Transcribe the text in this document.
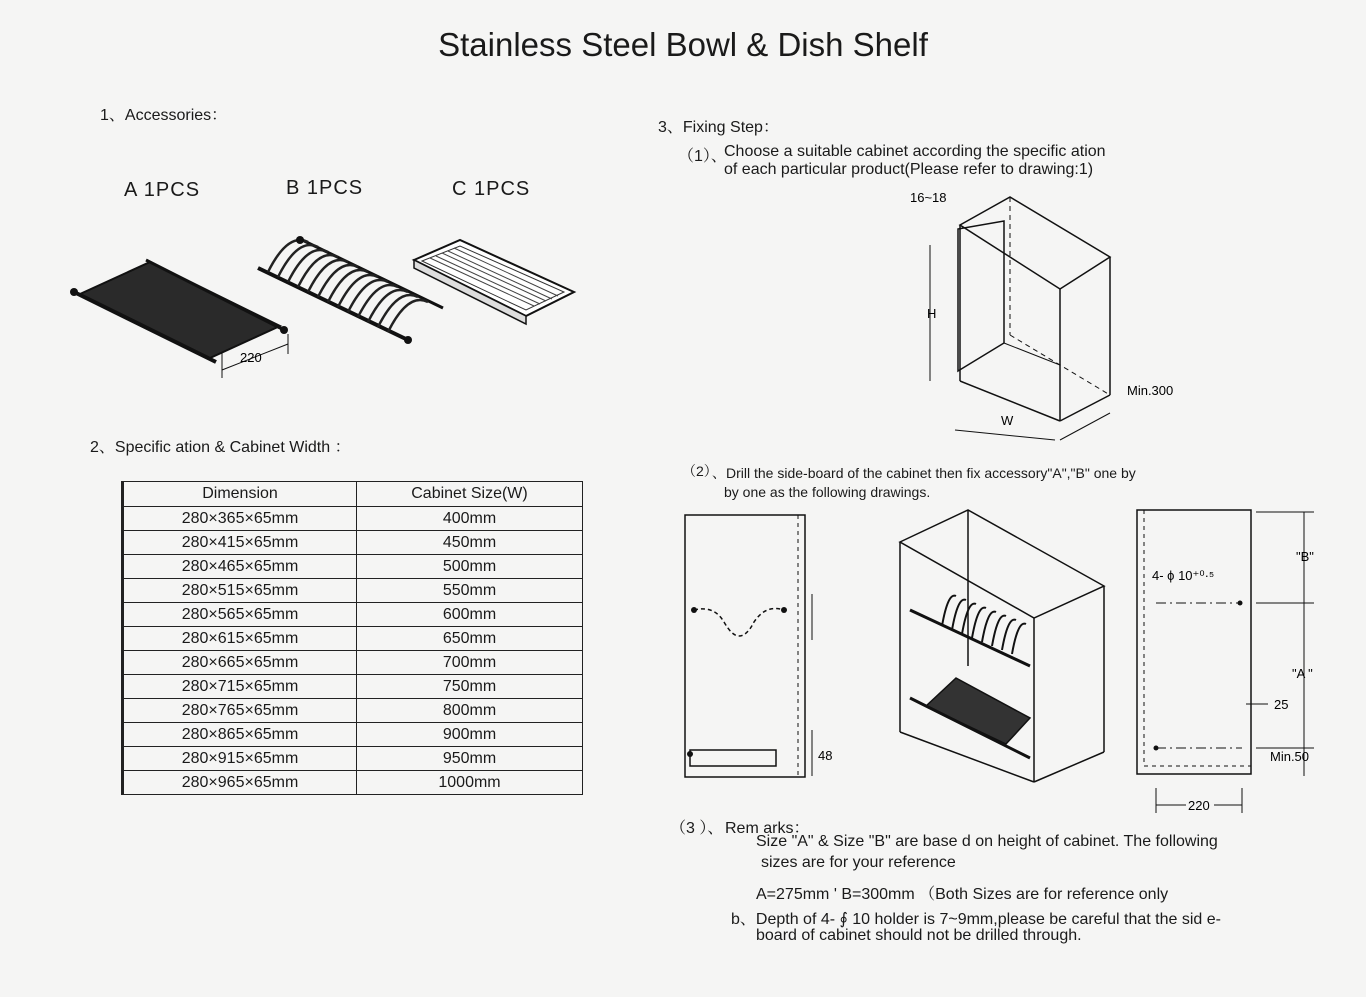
Stainless Steel Bowl & Dish Shelf
1、Accessories：
A 1PCS	B 1PCS	C 1PCS
220
2、Specific ation & Cabinet Width ：
Dimension	Cabinet Size(W)
280×365×65mm	400mm
280×415×65mm	450mm
280×465×65mm	500mm
280×515×65mm	550mm
280×565×65mm	600mm
280×615×65mm	650mm
280×665×65mm	700mm
280×715×65mm	750mm
280×765×65mm	800mm
280×865×65mm	900mm
280×915×65mm	950mm
280×965×65mm	1000mm
3、Fixing Step：
（1）、
Choose a suitable cabinet according the specific ation
of each particular product(Please refer to drawing:1)
16~18
H
W
Min.300
（2）
、Drill the side-board of the cabinet then fix accessory"A","B" one by
by one as the following drawings.
48
4- ϕ 10⁺⁰·⁵
"B"
"A "
25
Min.50
220
（3 ）、 Rem arks：
Size "A" & Size "B" are base d on height of cabinet. The following
sizes are for your reference
A=275mm ' B=300mm （Both Sizes are for reference only
b、Depth of 4- ∮ 10 holder is 7~9mm,please be careful that the sid e-
board of cabinet should not be drilled through.
